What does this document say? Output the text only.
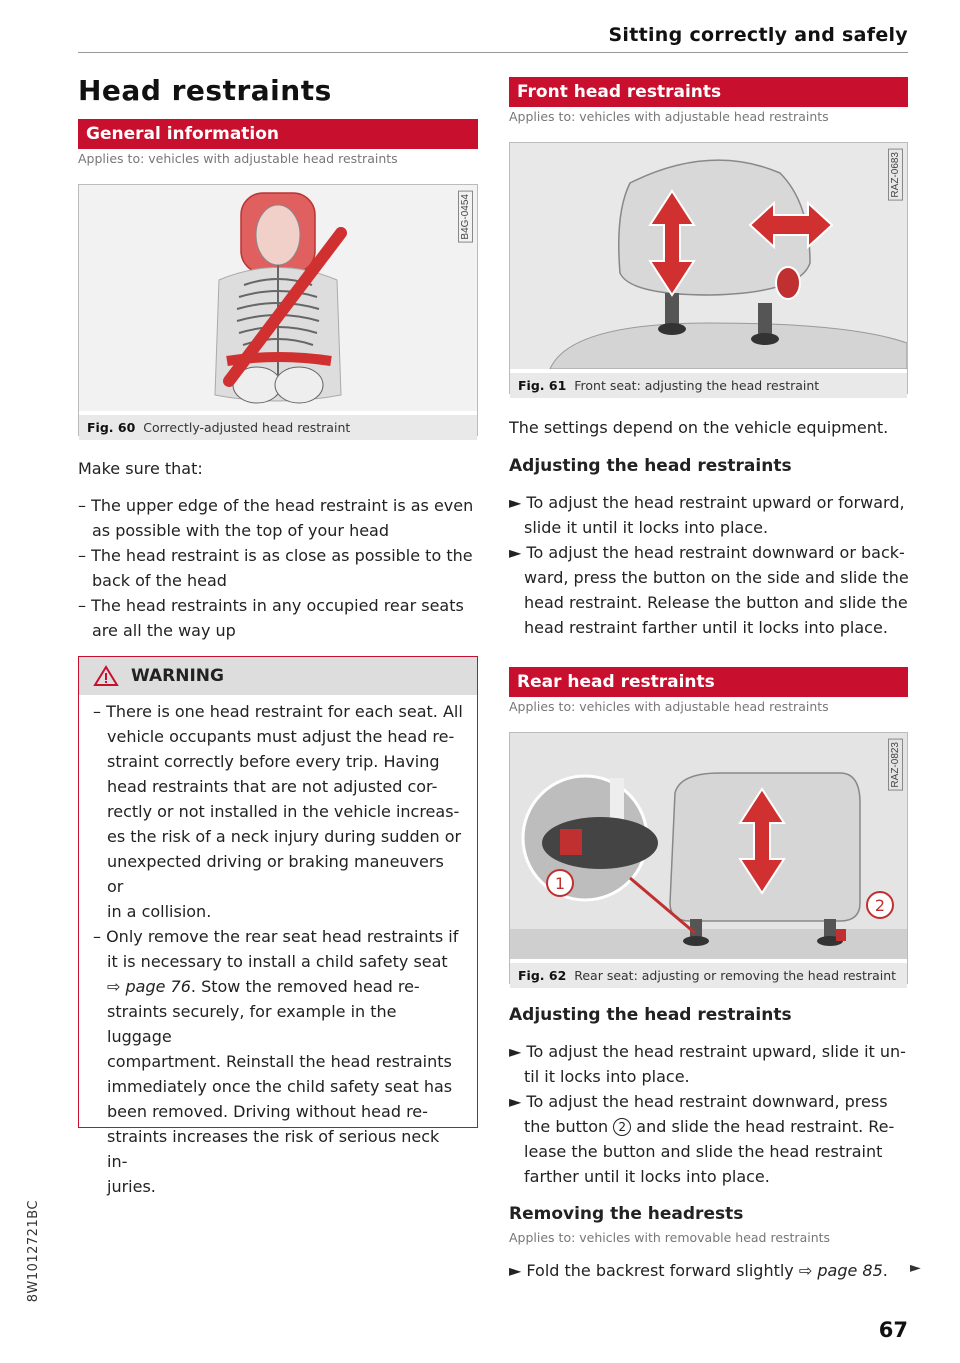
Sitting correctly and safely
Head restraints
General information
Applies to: vehicles with adjustable head restraints
B4G-0454
Fig. 60 Correctly-adjusted head restraint
Make sure that:
– The upper edge of the head restraint is as even
as possible with the top of your head
– The head restraint is as close as possible to the
back of the head
– The head restraints in any occupied rear seats
are all the way up
WARNING
– There is one head restraint for each seat. All
vehicle occupants must adjust the head re-
straint correctly before every trip. Having
head restraints that are not adjusted cor-
rectly or not installed in the vehicle increas-
es the risk of a neck injury during sudden or
unexpected driving or braking maneuvers or
in a collision.
– Only remove the rear seat head restraints if
it is necessary to install a child safety seat
⇨ page 76. Stow the removed head re-
straints securely, for example in the luggage
compartment. Reinstall the head restraints
immediately once the child safety seat has
been removed. Driving without head re-
straints increases the risk of serious neck in-
juries.
Front head restraints
Applies to: vehicles with adjustable head restraints
RAZ-0683
Fig. 61 Front seat: adjusting the head restraint
The settings depend on the vehicle equipment.
Adjusting the head restraints
► To adjust the head restraint upward or forward,
slide it until it locks into place.
► To adjust the head restraint downward or back-
ward, press the button on the side and slide the
head restraint. Release the button and slide the
head restraint farther until it locks into place.
Rear head restraints
Applies to: vehicles with adjustable head restraints
1
2
RAZ-0823
Fig. 62 Rear seat: adjusting or removing the head restraint
Adjusting the head restraints
► To adjust the head restraint upward, slide it un-
til it locks into place.
► To adjust the head restraint downward, press
the button 2 and slide the head restraint. Re-
lease the button and slide the head restraint
farther until it locks into place.
Removing the headrests
Applies to: vehicles with removable head restraints
► Fold the backrest forward slightly ⇨ page 85. ►
67
8W1012721BC
